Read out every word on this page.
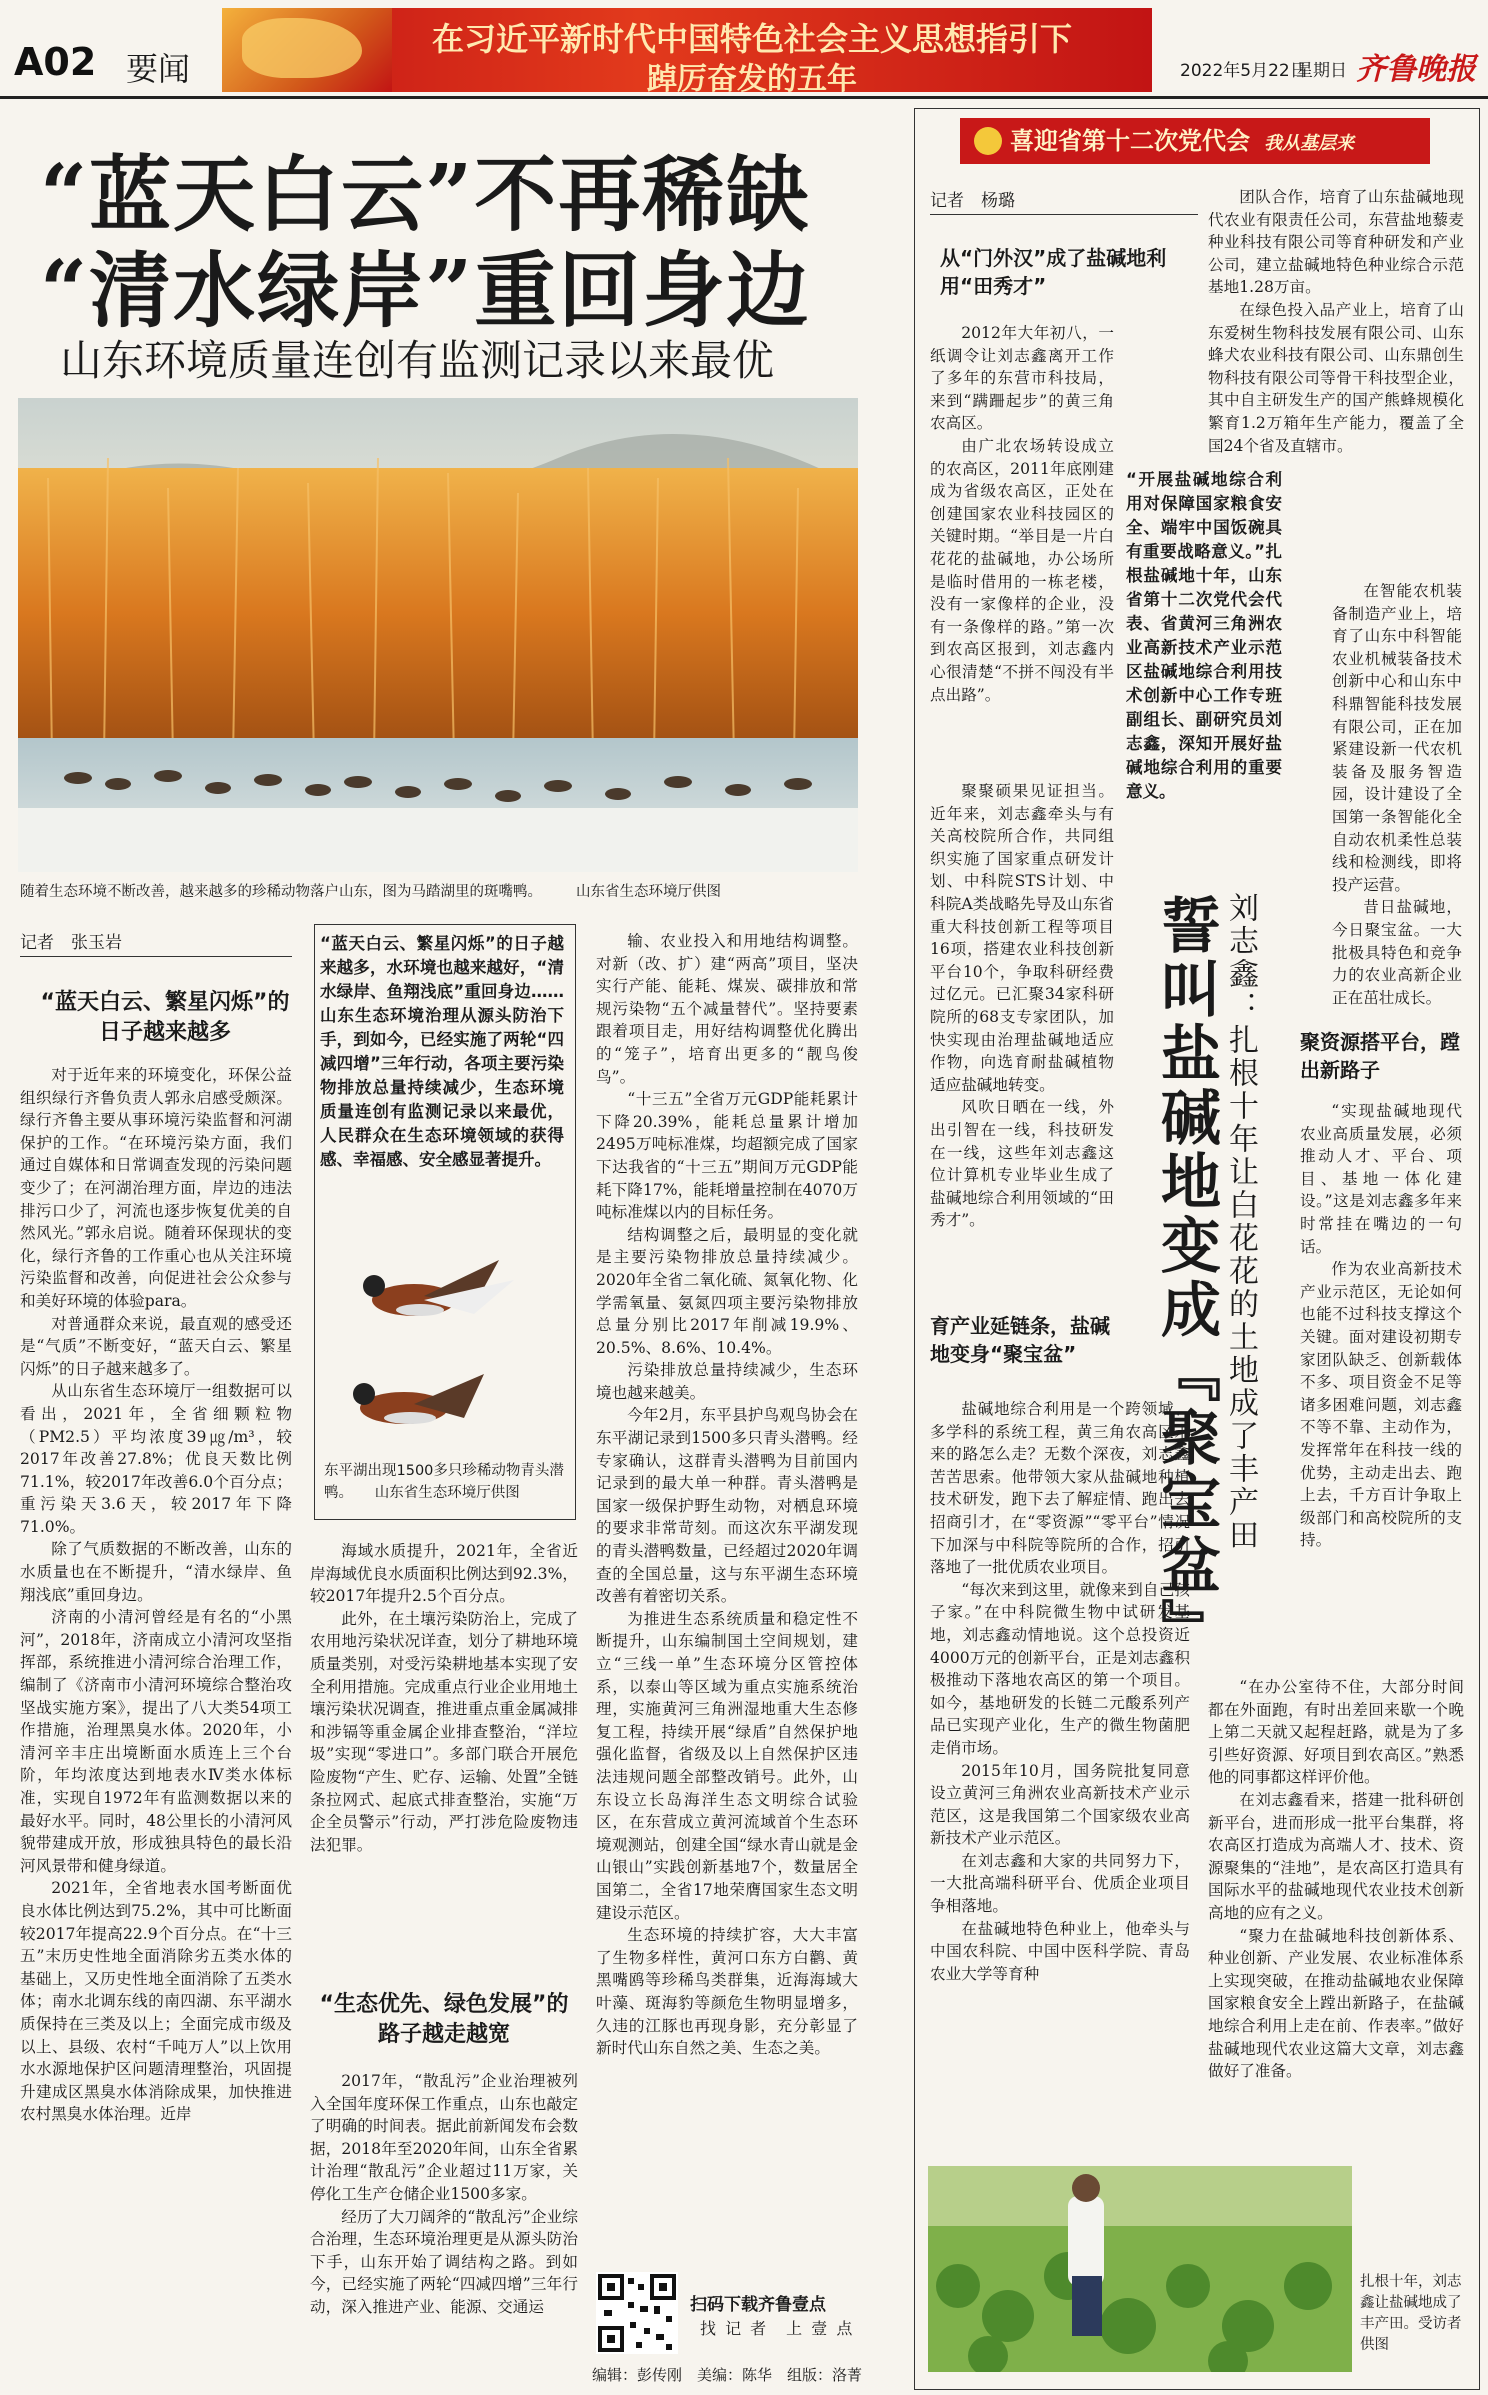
A02 要闻
在习近平新时代中国特色社会主义思想指引下
踔厉奋发的五年	2022年5月22日
星期日 齐鲁晚报
“蓝天白云”不再稀缺
“清水绿岸”重回身边
山东环境质量连创有监测记录以来最优
随着生态环境不断改善，越来越多的珍稀动物落户山东，图为马踏湖里的斑嘴鸭。 山东省生态环境厅供图
记者　张玉岩
“蓝天白云、繁星闪烁”的日子越来越多

对于近年来的环境变化，环保公益组织绿行齐鲁负责人郭永启感受颇深。绿行齐鲁主要从事环境污染监督和河湖保护的工作。“在环境污染方面，我们通过自媒体和日常调查发现的污染问题变少了；在河湖治理方面，岸边的违法排污口少了，河流也逐步恢复优美的自然风光。”郭永启说。随着环保现状的变化，绿行齐鲁的工作重心也从关注环境污染监督和改善，向促进社会公众参与和美好环境的体验para。

对普通群众来说，最直观的感受还是“气质”不断变好，“蓝天白云、繁星闪烁”的日子越来越多了。

从山东省生态环境厅一组数据可以看出，2021年，全省细颗粒物（PM2.5）平均浓度39㎍/m³，较2017年改善27.8%；优良天数比例71.1%，较2017年改善6.0个百分点；重污染天3.6天，较2017年下降71.0%。

除了气质数据的不断改善，山东的水质量也在不断提升，“清水绿岸、鱼翔浅底”重回身边。

济南的小清河曾经是有名的“小黑河”，2018年，济南成立小清河攻坚指挥部，系统推进小清河综合治理工作，编制了《济南市小清河环境综合整治攻坚战实施方案》，提出了八大类54项工作措施，治理黑臭水体。2020年，小清河辛丰庄出境断面水质连上三个台阶，年均浓度达到地表水Ⅳ类水体标准，实现自1972年有监测数据以来的最好水平。同时，48公里长的小清河风貌带建成开放，形成独具特色的最长沿河风景带和健身绿道。

2021年，全省地表水国考断面优良水体比例达到75.2%，其中可比断面较2017年提高22.9个百分点。在“十三五”末历史性地全面消除劣五类水体的基础上，又历史性地全面消除了五类水体；南水北调东线的南四湖、东平湖水质保持在三类及以上；全面完成市级及以上、县级、农村“千吨万人”以上饮用水水源地保护区问题清理整治，巩固提升建成区黑臭水体消除成果，加快推进农村黑臭水体治理。近岸

“蓝天白云、繁星闪烁”的日子越来越多，水环境也越来越好，“清水绿岸、鱼翔浅底”重回身边……山东生态环境治理从源头防治下手，到如今，已经实施了两轮“四减四增”三年行动，各项主要污染物排放总量持续减少，生态环境质量连创有监测记录以来最优，人民群众在生态环境领域的获得感、幸福感、安全感显著提升。
东平湖出现1500多只珍稀动物青头潜鸭。　　山东省生态环境厅供图

海域水质提升，2021年，全省近岸海域优良水质面积比例达到92.3%，较2017年提升2.5个百分点。

此外，在土壤污染防治上，完成了农用地污染状况详查，划分了耕地环境质量类别，对受污染耕地基本实现了安全利用措施。完成重点行业企业用地土壤污染状况调查，推进重点重金属减排和涉镉等重金属企业排查整治，“洋垃圾”实现“零进口”。多部门联合开展危险废物“产生、贮存、运输、处置”全链条拉网式、起底式排查整治，实施“万企全员警示”行动，严打涉危险废物违法犯罪。

“生态优先、绿色发展”的路子越走越宽

2017年，“散乱污”企业治理被列入全国年度环保工作重点，山东也敲定了明确的时间表。据此前新闻发布会数据，2018年至2020年间，山东全省累计治理“散乱污”企业超过11万家，关停化工生产仓储企业1500多家。

经历了大刀阔斧的“散乱污”企业综合治理，生态环境治理更是从源头防治下手，山东开始了调结构之路。到如今，已经实施了两轮“四减四增”三年行动，深入推进产业、能源、交通运

输、农业投入和用地结构调整。对新（改、扩）建“两高”项目，坚决实行产能、能耗、煤炭、碳排放和常规污染物“五个减量替代”。坚持要素跟着项目走，用好结构调整优化腾出的“笼子”，培育出更多的“靓鸟俊鸟”。

“十三五”全省万元GDP能耗累计下降20.39%，能耗总量累计增加2495万吨标准煤，均超额完成了国家下达我省的“十三五”期间万元GDP能耗下降17%，能耗增量控制在4070万吨标准煤以内的目标任务。

结构调整之后，最明显的变化就是主要污染物排放总量持续减少。2020年全省二氧化硫、氮氧化物、化学需氧量、氨氮四项主要污染物排放总量分别比2017年削减19.9%、20.5%、8.6%、10.4%。

污染排放总量持续减少，生态环境也越来越美。

今年2月，东平县护鸟观鸟协会在东平湖记录到1500多只青头潜鸭。经专家确认，这群青头潜鸭为目前国内记录到的最大单一种群。青头潜鸭是国家一级保护野生动物，对栖息环境的要求非常苛刻。而这次东平湖发现的青头潜鸭数量，已经超过2020年调查的全国总量，这与东平湖生态环境改善有着密切关系。

为推进生态系统质量和稳定性不断提升，山东编制国土空间规划，建立“三线一单”生态环境分区管控体系，以泰山等区域为重点实施系统治理，实施黄河三角洲湿地重大生态修复工程，持续开展“绿盾”自然保护地强化监督，省级及以上自然保护区违法违规问题全部整改销号。此外，山东设立长岛海洋生态文明综合试验区，在东营成立黄河流域首个生态环境观测站，创建全国“绿水青山就是金山银山”实践创新基地7个，数量居全国第二，全省17地荣膺国家生态文明建设示范区。

生态环境的持续扩容，大大丰富了生物多样性，黄河口东方白鹳、黄黑嘴鸥等珍稀鸟类群集，近海海域大叶藻、斑海豹等颜危生物明显增多，久违的江豚也再现身影，充分彰显了新时代山东自然之美、生态之美。

扫码下载齐鲁壹点
找 记 者　上 壹 点
编辑：彭传刚　美编：陈华　组版：洛菁
喜迎省第十二次党代会 我从基层来
记者　杨璐
从“门外汉”成了盐碱地利用“田秀才”

2012年大年初八，一纸调令让刘志鑫离开工作了多年的东营市科技局，来到“蹒跚起步”的黄三角农高区。

由广北农场转设成立的农高区，2011年底刚建成为省级农高区，正处在创建国家农业科技园区的关键时期。“举目是一片白花花的盐碱地，办公场所是临时借用的一栋老楼，没有一家像样的企业，没有一条像样的路。”第一次到农高区报到，刘志鑫内心很清楚“不拼不闯没有半点出路”。

“开展盐碱地综合利用对保障国家粮食安全、端牢中国饭碗具有重要战略意义。”扎根盐碱地十年，山东省第十二次党代会代表、省黄河三角洲农业高新技术产业示范区盐碱地综合利用技术创新中心工作专班副组长、副研究员刘志鑫，深知开展好盐碱地综合利用的重要意义。

聚聚硕果见证担当。近年来，刘志鑫牵头与有关高校院所合作，共同组织实施了国家重点研发计划、中科院STS计划、中科院A类战略先导及山东省重大科技创新工程等项目16项，搭建农业科技创新平台10个，争取科研经费过亿元。已汇聚34家科研院所的68支专家团队，加快实现由治理盐碱地适应作物，向选育耐盐碱植物适应盐碱地转变。

风吹日晒在一线，外出引智在一线，科技研发在一线，这些年刘志鑫这位计算机专业毕业生成了盐碱地综合利用领域的“田秀才”。

育产业延链条，盐碱地变身“聚宝盆”

盐碱地综合利用是一个跨领域、多学科的系统工程，黄三角农高区未来的路怎么走？无数个深夜，刘志鑫苦苦思索。他带领大家从盐碱地种植技术研发，跑下去了解症情、跑出去招商引才，在“零资源”“零平台”情况下加深与中科院等院所的合作，招引落地了一批优质农业项目。

“每次来到这里，就像来到自己孩子家。”在中科院微生物中试研发基地，刘志鑫动情地说。这个总投资近4000万元的创新平台，正是刘志鑫积极推动下落地农高区的第一个项目。如今，基地研发的长链二元酸系列产品已实现产业化，生产的微生物菌肥走俏市场。

2015年10月，国务院批复同意设立黄河三角洲农业高新技术产业示范区，这是我国第二个国家级农业高新技术产业示范区。

在刘志鑫和大家的共同努力下，一大批高端科研平台、优质企业项目争相落地。

在盐碱地特色种业上，他牵头与中国农科院、中国中医科学院、青岛农业大学等育种

团队合作，培育了山东盐碱地现代农业有限责任公司，东营盐地藜麦种业科技有限公司等育种研发和产业公司，建立盐碱地特色种业综合示范基地1.28万亩。

在绿色投入品产业上，培育了山东爱树生物科技发展有限公司、山东蜂犬农业科技有限公司、山东鼎创生物科技有限公司等骨干科技型企业，其中自主研发生产的国产熊蜂规模化繁育1.2万箱年生产能力，覆盖了全国24个省及直辖市。

在智能农机装备制造产业上，培育了山东中科智能农业机械装备技术创新中心和山东中科鼎智能科技发展有限公司，正在加紧建设新一代农机装备及服务智造园，设计建设了全国第一条智能化全自动农机柔性总装线和检测线，即将投产运营。

昔日盐碱地，今日聚宝盆。一大批极具特色和竞争力的农业高新企业正在茁壮成长。

誓叫盐碱地变成『聚宝盆』 刘志鑫：扎根十年让白花花的土地成了丰产田 聚资源搭平台，蹚出新路子

“实现盐碱地现代农业高质量发展，必须推动人才、平台、项目、基地一体化建设。”这是刘志鑫多年来时常挂在嘴边的一句话。

作为农业高新技术产业示范区，无论如何也能不过科技支撑这个关键。面对建设初期专家团队缺乏、创新载体不多、项目资金不足等诸多困难问题，刘志鑫不等不靠、主动作为，发挥常年在科技一线的优势，主动走出去、跑上去，千方百计争取上级部门和高校院所的支持。

“在办公室待不住，大部分时间都在外面跑，有时出差回来歇一个晚上第二天就又起程赶路，就是为了多引些好资源、好项目到农高区。”熟悉他的同事都这样评价他。

在刘志鑫看来，搭建一批科研创新平台，进而形成一批平台集群，将农高区打造成为高端人才、技术、资源聚集的“洼地”，是农高区打造具有国际水平的盐碱地现代农业技术创新高地的应有之义。

“聚力在盐碱地科技创新体系、种业创新、产业发展、农业标准体系上实现突破，在推动盐碱地农业保障国家粮食安全上蹚出新路子，在盐碱地综合利用上走在前、作表率。”做好盐碱地现代农业这篇大文章，刘志鑫做好了准备。

扎根十年，刘志鑫让盐碱地成了丰产田。受访者供图
